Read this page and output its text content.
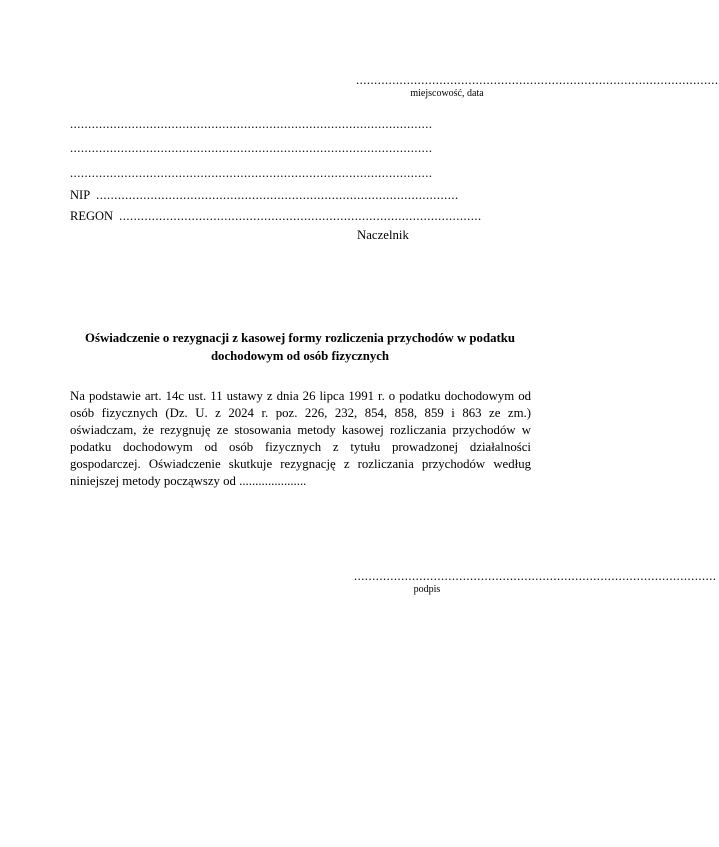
....................................................................................................
miejscowość, data
....................................................................................................
....................................................................................................
....................................................................................................
NIP ....................................................................................................
REGON ....................................................................................................
Naczelnik
Oświadczenie o rezygnacji z kasowej formy rozliczenia przychodów w podatku dochodowym od osób fizycznych
Na podstawie art. 14c ust. 11 ustawy z dnia 26 lipca 1991 r. o podatku dochodowym od osób fizycznych (Dz. U. z 2024 r. poz. 226, 232, 854, 858, 859 i 863 ze zm.) oświadczam, że rezygnuję ze stosowania metody kasowej rozliczania przychodów w podatku dochodowym od osób fizycznych z tytułu prowadzonej działalności gospodarczej. Oświadczenie skutkuje rezygnację z rozliczania przychodów według niniejszej metody począwszy od .....................
....................................................................................................
podpis
